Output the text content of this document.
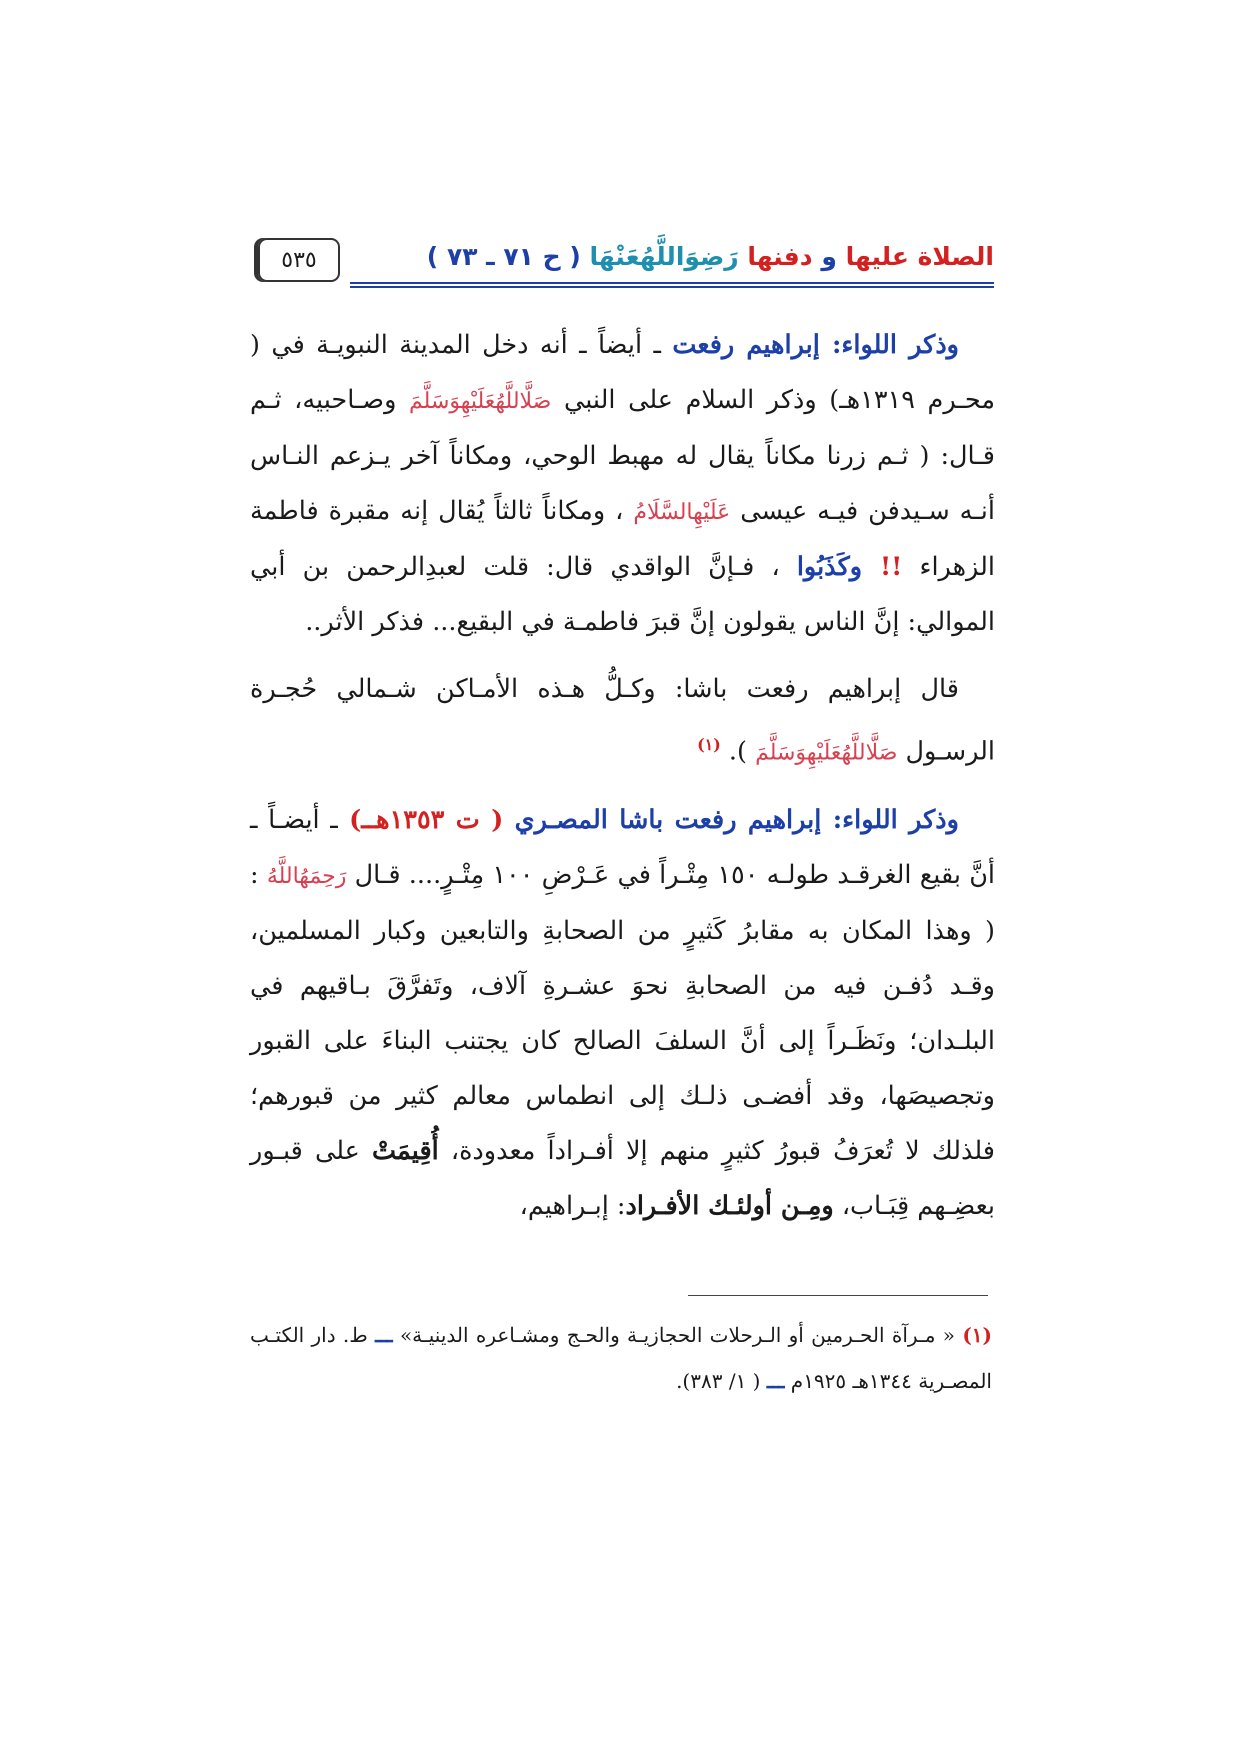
الصلاة عليها و دفنها رَضِوَاللَّهُعَنْهَا ( ح ٧١ ـ ٧٣ )
٥٣٥

وذكر اللواء: إبراهيم رفعت ـ أيضاً ـ أنه دخل المدينة النبويـة في ( محـرم ١٣١٩هـ) وذكر السلام على النبي صَلَّاللَّهُعَلَيْهِوَسَلَّمَ وصـاحبيه، ثـم قـال: ( ثـم زرنا مكاناً يقال له مهبط الوحي، ومكاناً آخر يـزعم النـاس أنـه سـيدفن فيـه عيسى عَلَيْهِالسَّلَامُ ، ومكاناً ثالثاً يُقال إنه مقبرة فاطمة الزهراء !! وكَذَبُوا ، فـإنَّ الواقدي قال: قلت لعبدِالرحمن بن أبي الموالي: إنَّ الناس يقولون إنَّ قبرَ فاطمـة في البقيع... فذكر الأثر..

قال إبراهيم رفعت باشا: وكـلُّ هـذه الأمـاكن شـمالي حُجـرة الرسـول صَلَّاللَّهُعَلَيْهِوَسَلَّمَ ). $^{(١)}$

وذكر اللواء: إبراهيم رفعت باشا المصـري ( ت ١٣٥٣هــ) ـ أيضـاً ـ أنَّ بقيع الغرقـد طولـه ١٥٠ مِتْـراً في عَـرْضِ ١٠٠ مِتْـرٍ.... قـال رَحِمَهُاللَّهُ : ( وهذا المكان به مقابرُ كَثيرٍ من الصحابةِ والتابعين وكبار المسلمين، وقـد دُفـن فيه من الصحابةِ نحوَ عشـرةِ آلاف، وتَفرَّقَ بـاقيهم في البلـدان؛ ونَظَـراً إلى أنَّ السلفَ الصالح كان يجتنب البناءَ على القبور وتجصيصَها، وقد أفضـى ذلـك إلى انطماس معالم كثير من قبورهم؛ فلذلك لا تُعرَفُ قبورُ كثيرٍ منهم إلا أفـراداً معدودة، أُقِيمَتْ على قبـور بعضِـهم قِبَـاب، ومِـن أولئـك الأفـراد: إبـراهيم،

(١) « مـرآة الحـرمين أو الـرحلات الحجازيـة والحـج ومشـاعره الدينيـة» ـــ ط. دار الكتـب المصـرية ١٣٤٤هـ ١٩٢٥م ـــ ( ١/ ٣٨٣).
